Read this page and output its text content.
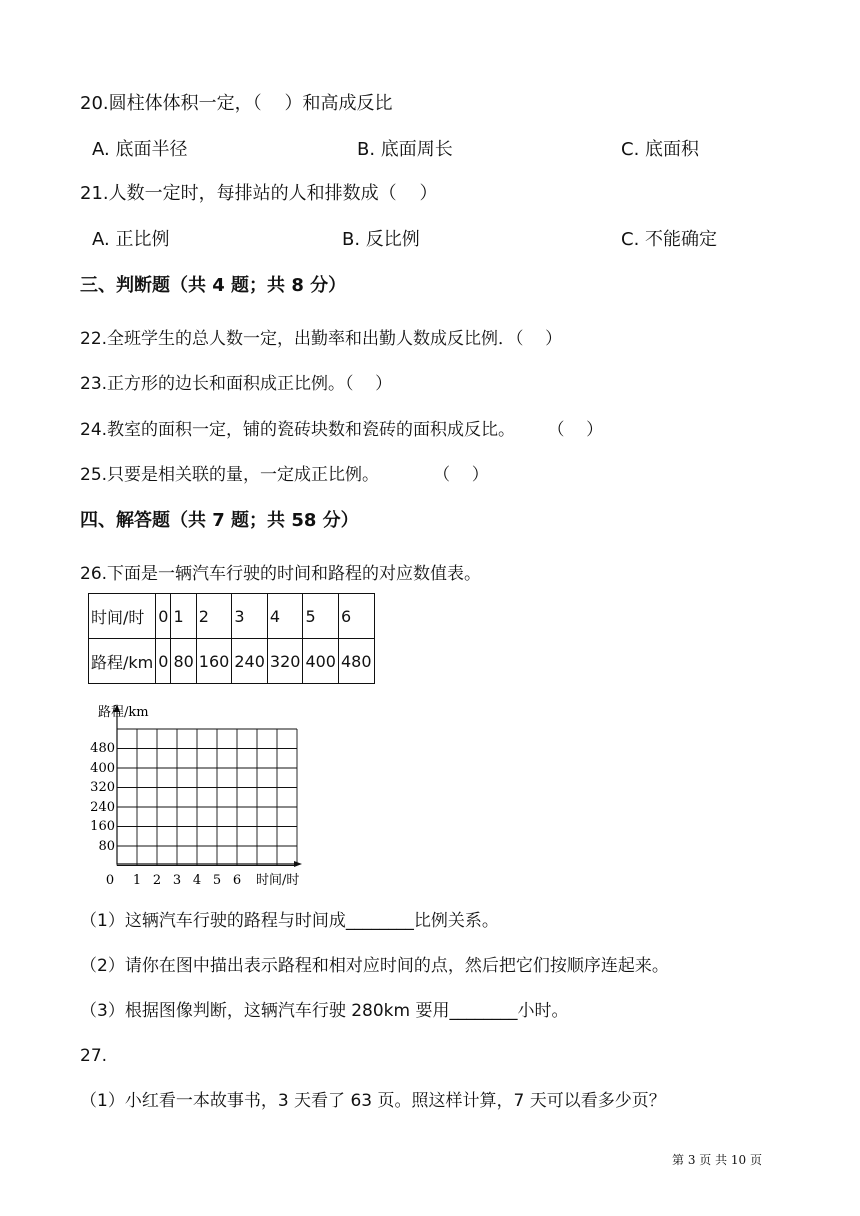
20.圆柱体体积一定，（    ）和高成反比
A. 底面半径	B. 底面周长	C. 底面积
21.人数一定时，每排站的人和排数成（    ）
A. 正比例	B. 反比例	C. 不能确定
三、判断题（共 4 题；共 8 分）
22.全班学生的总人数一定，出勤率和出勤人数成反比例．（    ）
23.正方形的边长和面积成正比例。（    ）
24.教室的面积一定，铺的瓷砖块数和瓷砖的面积成反比。      （    ）
25.只要是相关联的量，一定成正比例。          （    ）
四、解答题（共 7 题；共 58 分）
26.下面是一辆汽车行驶的时间和路程的对应数值表。
时间/时	0	1	2	3	4	5	6
路程/km	0	80	160	240	320	400	480
路程/km
时间/时
480
400
320
240
160
80
0 1 2 3 4 5 6
（1）这辆汽车行驶的路程与时间成________比例关系。
（2）请你在图中描出表示路程和相对应时间的点，然后把它们按顺序连起来。
（3）根据图像判断，这辆汽车行驶 280km 要用________小时。
27.
（1）小红看一本故事书，3 天看了 63 页。照这样计算，7 天可以看多少页？
第 3 页 共 10 页
